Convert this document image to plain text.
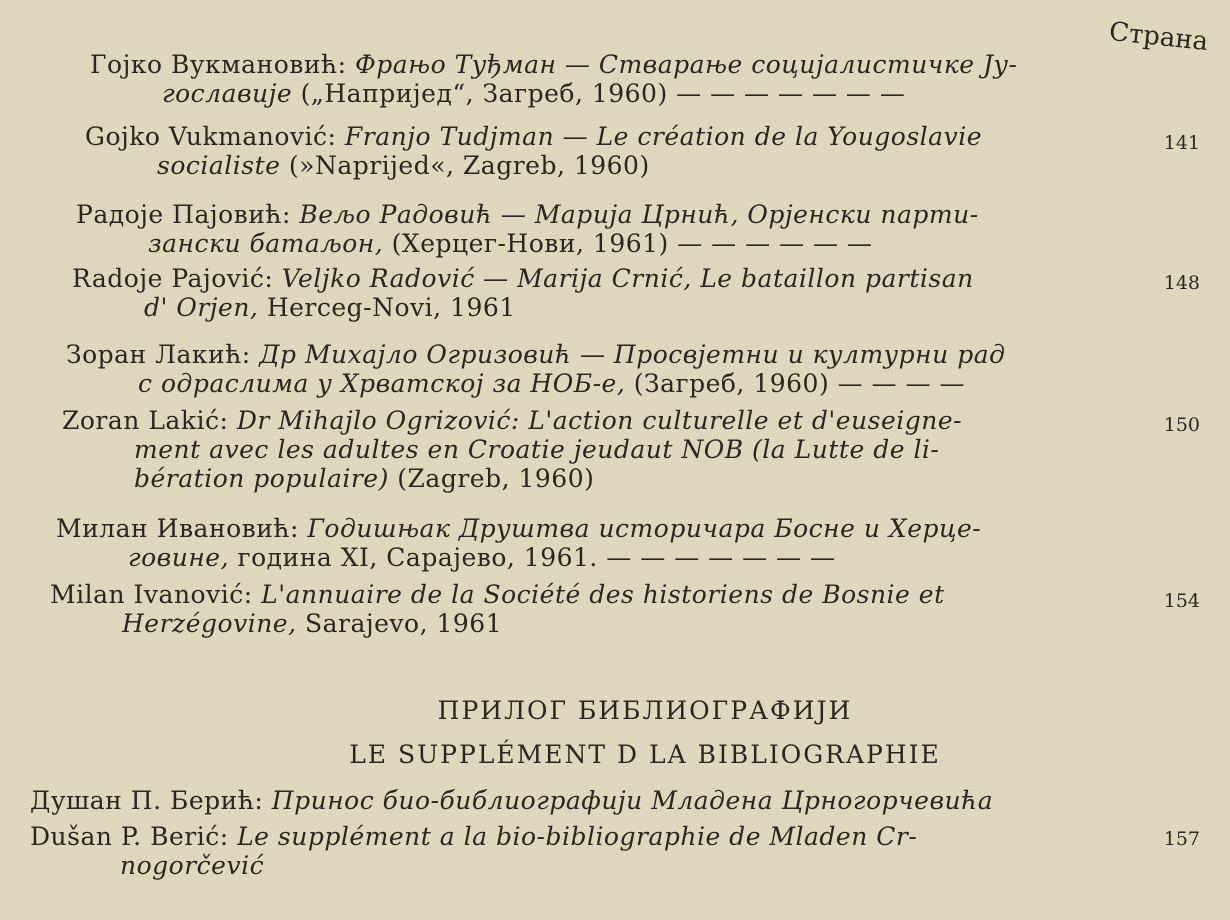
Страна
Гојко Вукмановић: Фрањо Туђман — Стварање социјалистичке Ју-
гославије („Напријед“, Загреб, 1960) — — — — — — —
Gojko Vukmanović: Franjo Tudjman — Le création de la Yougoslavie
socialiste (»Naprijed«, Zagreb, 1960)
141
Радоје Пајовић: Вељо Радовић — Марија Црнић, Орјенски парти-
зански батаљон, (Херцег-Нови, 1961) — — — — — —
Radoje Pajović: Veljko Radović — Marija Crnić, Le bataillon partisan
d' Orjen, Herceg-Novi, 1961
148
Зоран Лакић: Др Михајло Огризовић — Просвјетни и културни рад
с одраслима у Хрватској за НОБ-е, (Загреб, 1960) — — — —
Zoran Lakić: Dr Mihajlo Ogrizović: L'action culturelle et d'euseigne-
ment avec les adultes en Croatie jeudaut NOB (la Lutte de li-
bération populaire) (Zagreb, 1960)
150
Милан Ивановић: Годишњак Друштва историчара Босне и Херце-
говине, година XI, Сарајево, 1961. — — — — — — —
Milan Ivanović: L'annuaire de la Société des historiens de Bosnie et
Herzégovine, Sarajevo, 1961
154
ПРИЛОГ БИБЛИОГРАФИЈИ
LE SUPPLÉMENT D LA BIBLIOGRAPHIE
Душан П. Берић: Принос био-библиографији Младена Црногорчевића
Dušan P. Berić: Le supplément a la bio-bibliographie de Mladen Cr-
nogorčević
157
